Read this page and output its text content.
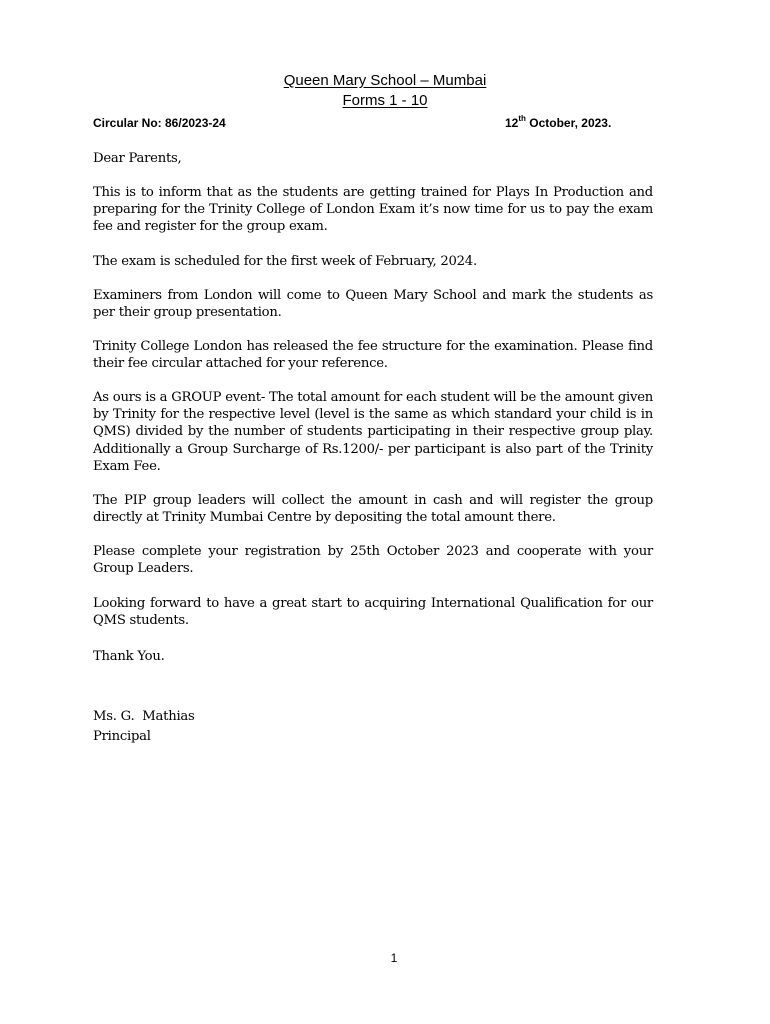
Queen Mary School – Mumbai
Forms 1 - 10
Circular No: 86/2023-24	12th October, 2023.

Dear Parents,

This is to inform that as the students are getting trained for Plays In Production and preparing for the Trinity College of London Exam it’s now time for us to pay the exam fee and register for the group exam.

The exam is scheduled for the first week of February, 2024.

Examiners from London will come to Queen Mary School and mark the students as per their group presentation.

Trinity College London has released the fee structure for the examination. Please find their fee circular attached for your reference.

As ours is a GROUP event- The total amount for each student will be the amount given by Trinity for the respective level (level is the same as which standard your child is in QMS) divided by the number of students participating in their respective group play. Additionally a Group Surcharge of Rs.1200/- per participant is also part of the Trinity Exam Fee.

The PIP group leaders will collect the amount in cash and will register the group directly at Trinity Mumbai Centre by depositing the total amount there.

Please complete your registration by 25th October 2023 and cooperate with your Group Leaders.

Looking forward to have a great start to acquiring International Qualification for our QMS students.

Thank You.

Ms. G.  Mathias

Principal

1
